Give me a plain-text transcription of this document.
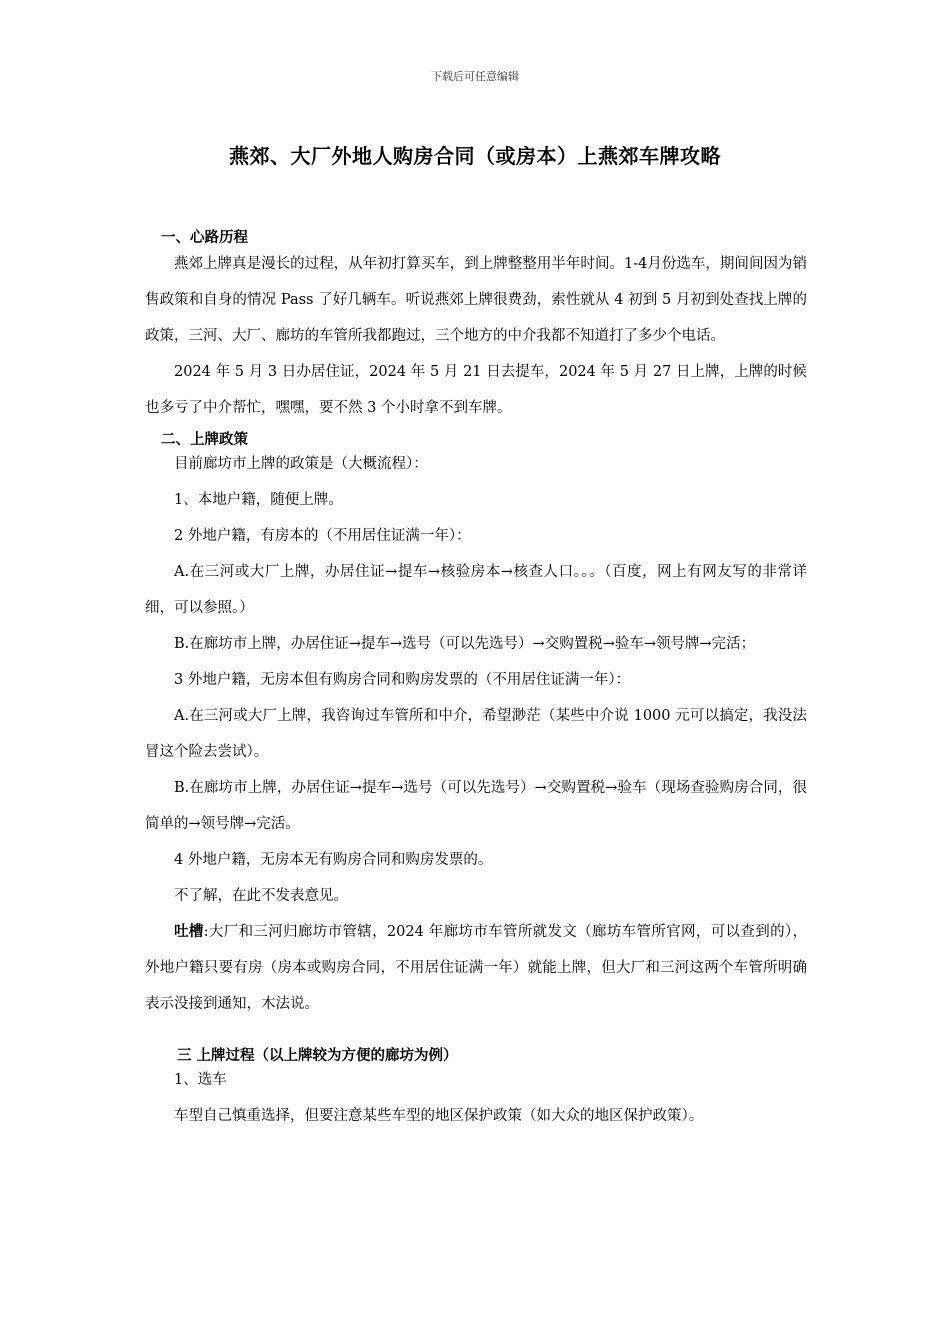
下载后可任意编辑
燕郊、大厂外地人购房合同（或房本）上燕郊车牌攻略
一、心路历程

燕郊上牌真是漫长的过程，从年初打算买车，到上牌整整用半年时间。1-4月份选车，期间间因为销售政策和自身的情况 Pass 了好几辆车。听说燕郊上牌很费劲，索性就从 4 初到 5 月初到处查找上牌的政策，三河、大厂、廊坊的车管所我都跑过，三个地方的中介我都不知道打了多少个电话。

2024 年 5 月 3 日办居住证，2024 年 5 月 21 日去提车，2024 年 5 月 27 日上牌，上牌的时候也多亏了中介帮忙，嘿嘿，要不然 3 个小时拿不到车牌。

二、上牌政策

目前廊坊市上牌的政策是（大概流程）：

1、本地户籍，随便上牌。

2 外地户籍，有房本的（不用居住证满一年）：

A.在三河或大厂上牌，办居住证→提车→核验房本→核查人口。。。（百度，网上有网友写的非常详细，可以参照。）

B.在廊坊市上牌，办居住证→提车→选号（可以先选号）→交购置税→验车→领号牌→完活；

3 外地户籍，无房本但有购房合同和购房发票的（不用居住证满一年）：

A.在三河或大厂上牌，我咨询过车管所和中介，希望渺茫（某些中介说 1000 元可以搞定，我没法冒这个险去尝试）。

B.在廊坊市上牌，办居住证→提车→选号（可以先选号）→交购置税→验车（现场查验购房合同，很简单的→领号牌→完活。

4 外地户籍，无房本无有购房合同和购房发票的。

不了解，在此不发表意见。

吐槽:大厂和三河归廊坊市管辖，2024 年廊坊市车管所就发文（廊坊车管所官网，可以查到的），外地户籍只要有房（房本或购房合同，不用居住证满一年）就能上牌，但大厂和三河这两个车管所明确表示没接到通知，木法说。

三 上牌过程（以上牌较为方便的廊坊为例）

1、选车

车型自己慎重选择，但要注意某些车型的地区保护政策（如大众的地区保护政策）。
